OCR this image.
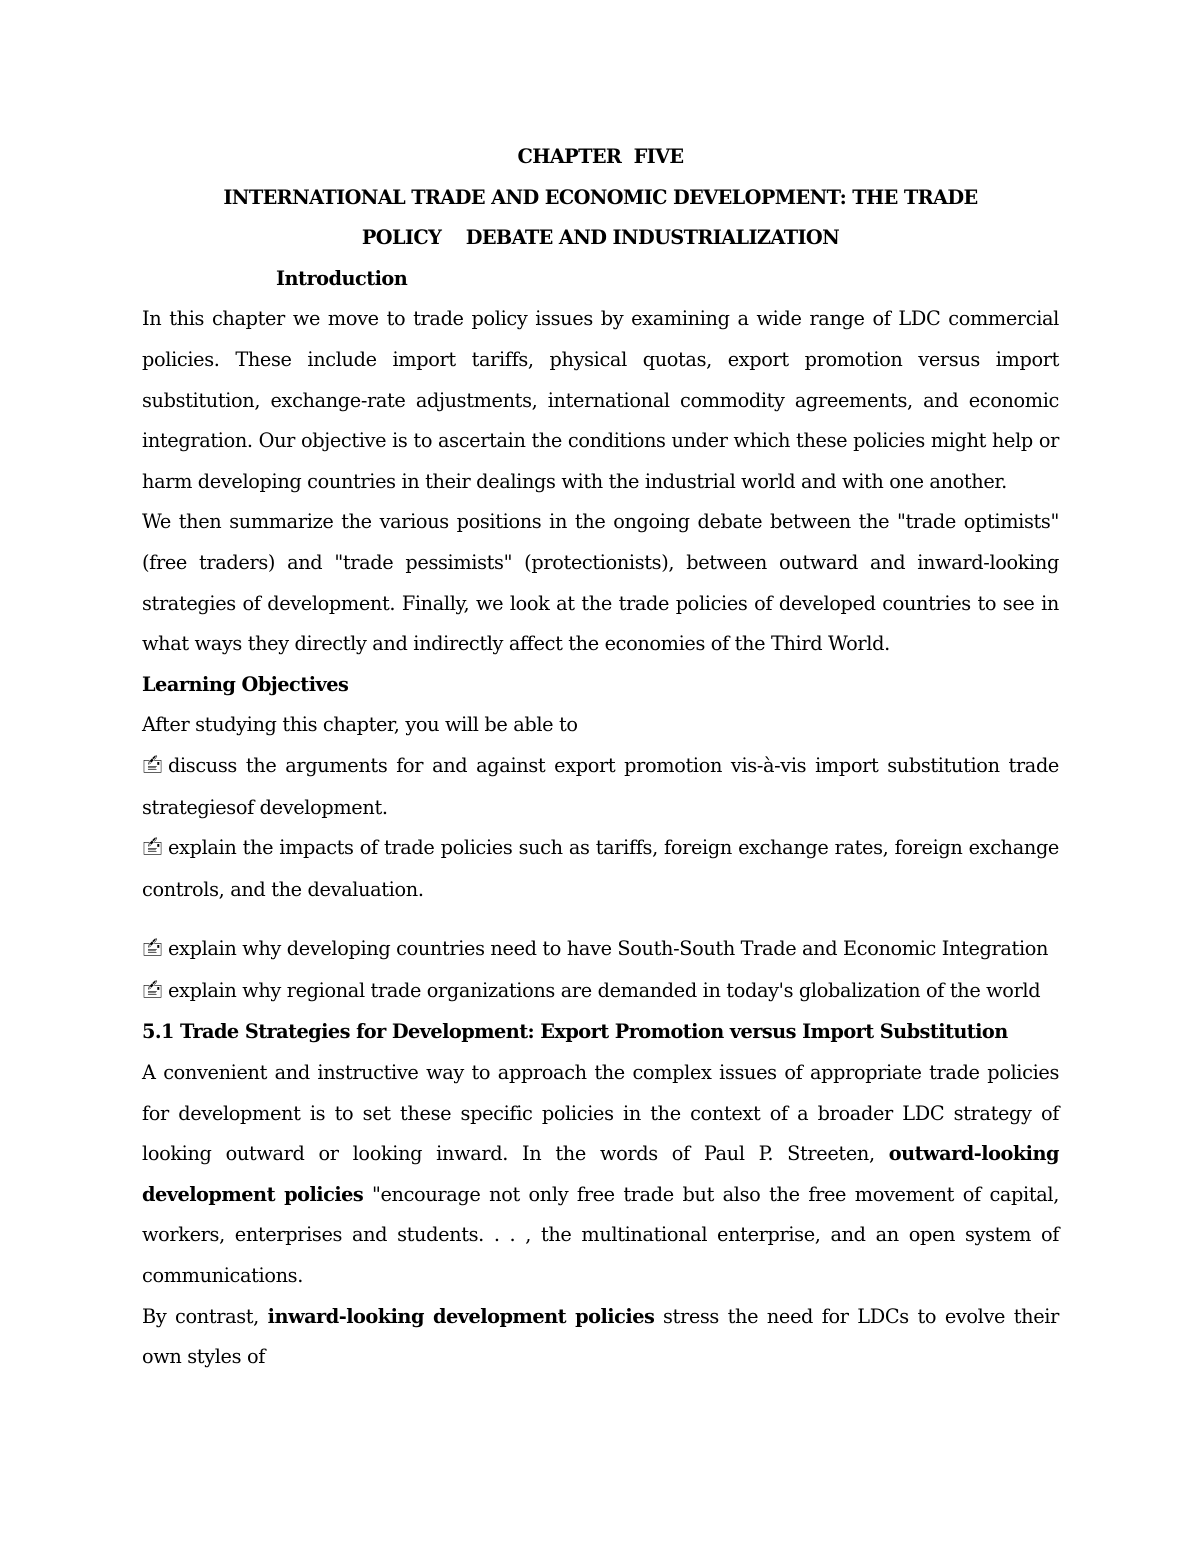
CHAPTER  FIVE
INTERNATIONAL TRADE AND ECONOMIC DEVELOPMENT: THE TRADE
POLICY    DEBATE AND INDUSTRIALIZATION
Introduction
In this chapter we move to trade policy issues by examining a wide range of LDC commercial policies. These include import tariffs, physical quotas, export promotion versus import substitution, exchange-rate adjustments, international commodity agreements, and economic integration. Our objective is to ascertain the conditions under which these policies might help or harm developing countries in their dealings with the industrial world and with one another.
We then summarize the various positions in the ongoing debate between the "trade optimists" (free traders) and "trade pessimists" (protectionists), between outward and inward-looking strategies of development. Finally, we look at the trade policies of developed countries to see in what ways they directly and indirectly affect the economies of the Third World.
Learning Objectives
After studying this chapter, you will be able to
🖆 discuss the arguments for and against export promotion vis-à-vis import substitution trade strategiesof development.
🖆 explain the impacts of trade policies such as tariffs, foreign exchange rates, foreign exchange controls, and the devaluation.
🖆 explain why developing countries need to have South-South Trade and Economic Integration
🖆 explain why regional trade organizations are demanded in today's globalization of the world
5.1 Trade Strategies for Development: Export Promotion versus Import Substitution
A convenient and instructive way to approach the complex issues of appropriate trade policies for development is to set these specific policies in the context of a broader LDC strategy of looking outward or looking inward. In the words of Paul P. Streeten, outward-looking development policies "encourage not only free trade but also the free movement of capital, workers, enterprises and students. . . , the multinational enterprise, and an open system of communications.
By contrast, inward-looking development policies stress the need for LDCs to evolve their own styles of
